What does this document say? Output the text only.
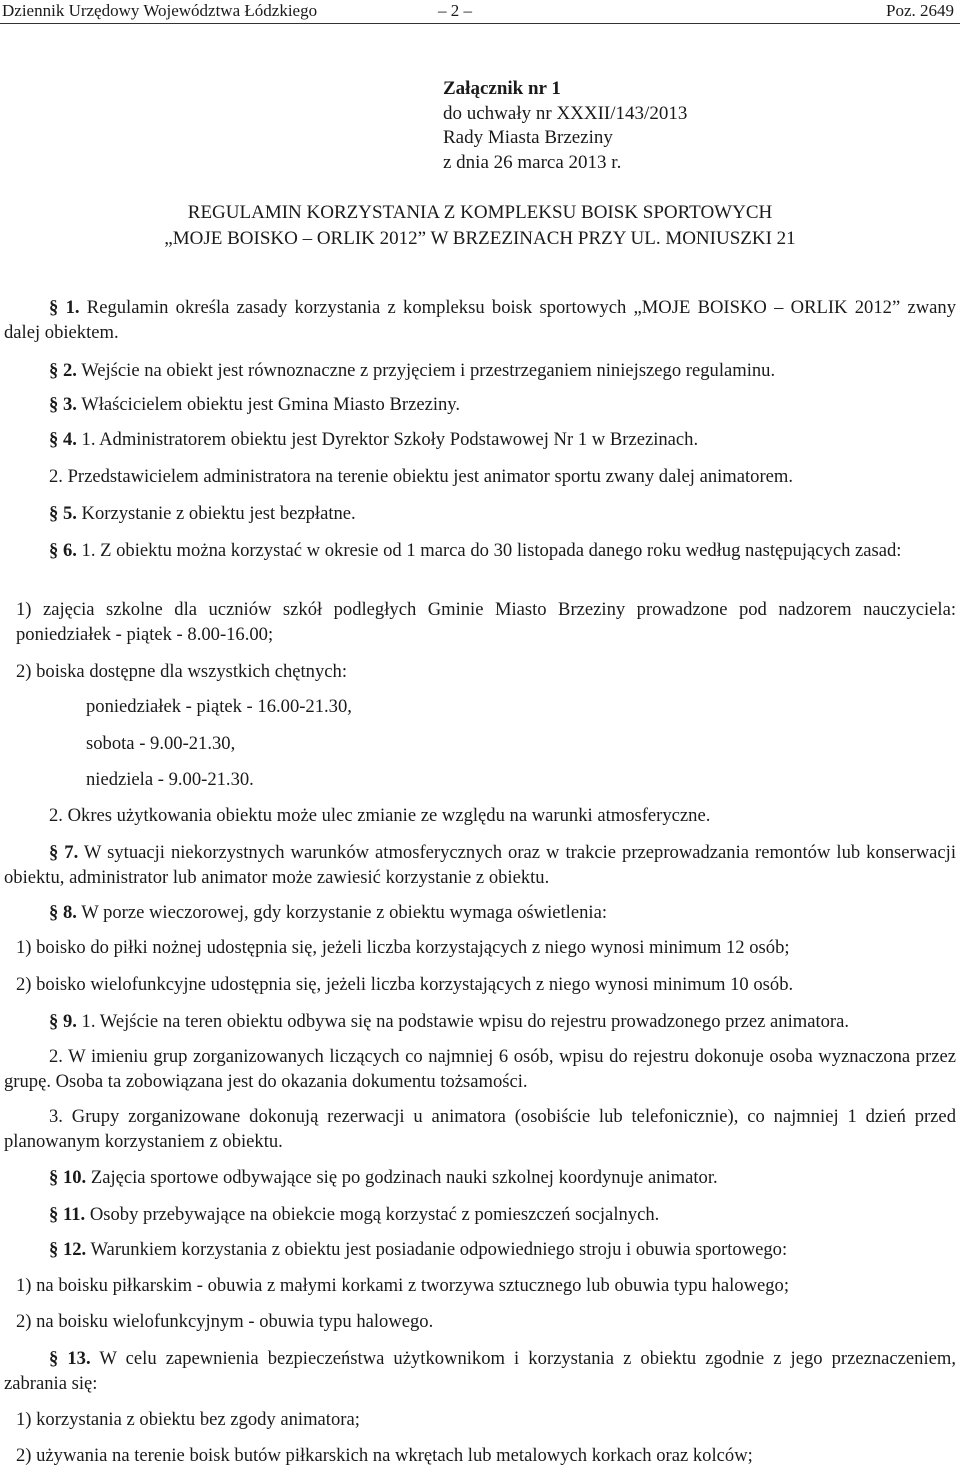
Dziennik Urzędowy Województwa Łódzkiego	– 2 –	Poz. 2649
Załącznik nr 1
do uchwały nr XXXII/143/2013
Rady Miasta Brzeziny
z dnia 26 marca 2013 r.
REGULAMIN KORZYSTANIA Z KOMPLEKSU BOISK SPORTOWYCH
„MOJE BOISKO – ORLIK 2012” W BRZEZINACH PRZY UL. MONIUSZKI 21
§ 1. Regulamin określa zasady korzystania z kompleksu boisk sportowych „MOJE BOISKO – ORLIK 2012” zwany dalej obiektem.
§ 2. Wejście na obiekt jest równoznaczne z przyjęciem i przestrzeganiem niniejszego regulaminu.
§ 3. Właścicielem obiektu jest Gmina Miasto Brzeziny.
§ 4. 1. Administratorem obiektu jest Dyrektor Szkoły Podstawowej Nr 1 w Brzezinach.
2. Przedstawicielem administratora na terenie obiektu jest animator sportu zwany dalej animatorem.
§ 5. Korzystanie z obiektu jest bezpłatne.
§ 6. 1. Z obiektu można korzystać w okresie od 1 marca do 30 listopada danego roku według następujących zasad:
1) zajęcia szkolne dla uczniów szkół podległych Gminie Miasto Brzeziny prowadzone pod nadzorem nauczyciela: poniedziałek - piątek - 8.00-16.00;
2) boiska dostępne dla wszystkich chętnych:
poniedziałek - piątek - 16.00-21.30,
sobota - 9.00-21.30,
niedziela - 9.00-21.30.
2. Okres użytkowania obiektu może ulec zmianie ze względu na warunki atmosferyczne.
§ 7. W sytuacji niekorzystnych warunków atmosferycznych oraz w trakcie przeprowadzania remontów lub konserwacji obiektu, administrator lub animator może zawiesić korzystanie z obiektu.
§ 8. W porze wieczorowej, gdy korzystanie z obiektu wymaga oświetlenia:
1) boisko do piłki nożnej udostępnia się, jeżeli liczba korzystających z niego wynosi minimum 12 osób;
2) boisko wielofunkcyjne udostępnia się, jeżeli liczba korzystających z niego wynosi minimum 10 osób.
§ 9. 1. Wejście na teren obiektu odbywa się na podstawie wpisu do rejestru prowadzonego przez animatora.
2. W imieniu grup zorganizowanych liczących co najmniej 6 osób, wpisu do rejestru dokonuje osoba wyznaczona przez grupę. Osoba ta zobowiązana jest do okazania dokumentu tożsamości.
3. Grupy zorganizowane dokonują rezerwacji u animatora (osobiście lub telefonicznie), co najmniej 1 dzień przed planowanym korzystaniem z obiektu.
§ 10. Zajęcia sportowe odbywające się po godzinach nauki szkolnej koordynuje animator.
§ 11. Osoby przebywające na obiekcie mogą korzystać z pomieszczeń socjalnych.
§ 12. Warunkiem korzystania z obiektu jest posiadanie odpowiedniego stroju i obuwia sportowego:
1) na boisku piłkarskim - obuwia z małymi korkami z tworzywa sztucznego lub obuwia typu halowego;
2) na boisku wielofunkcyjnym - obuwia typu halowego.
§ 13. W celu zapewnienia bezpieczeństwa użytkownikom i korzystania z obiektu zgodnie z jego przeznaczeniem, zabrania się:
1) korzystania z obiektu bez zgody animatora;
2) używania na terenie boisk butów piłkarskich na wkrętach lub metalowych korkach oraz kolców;
